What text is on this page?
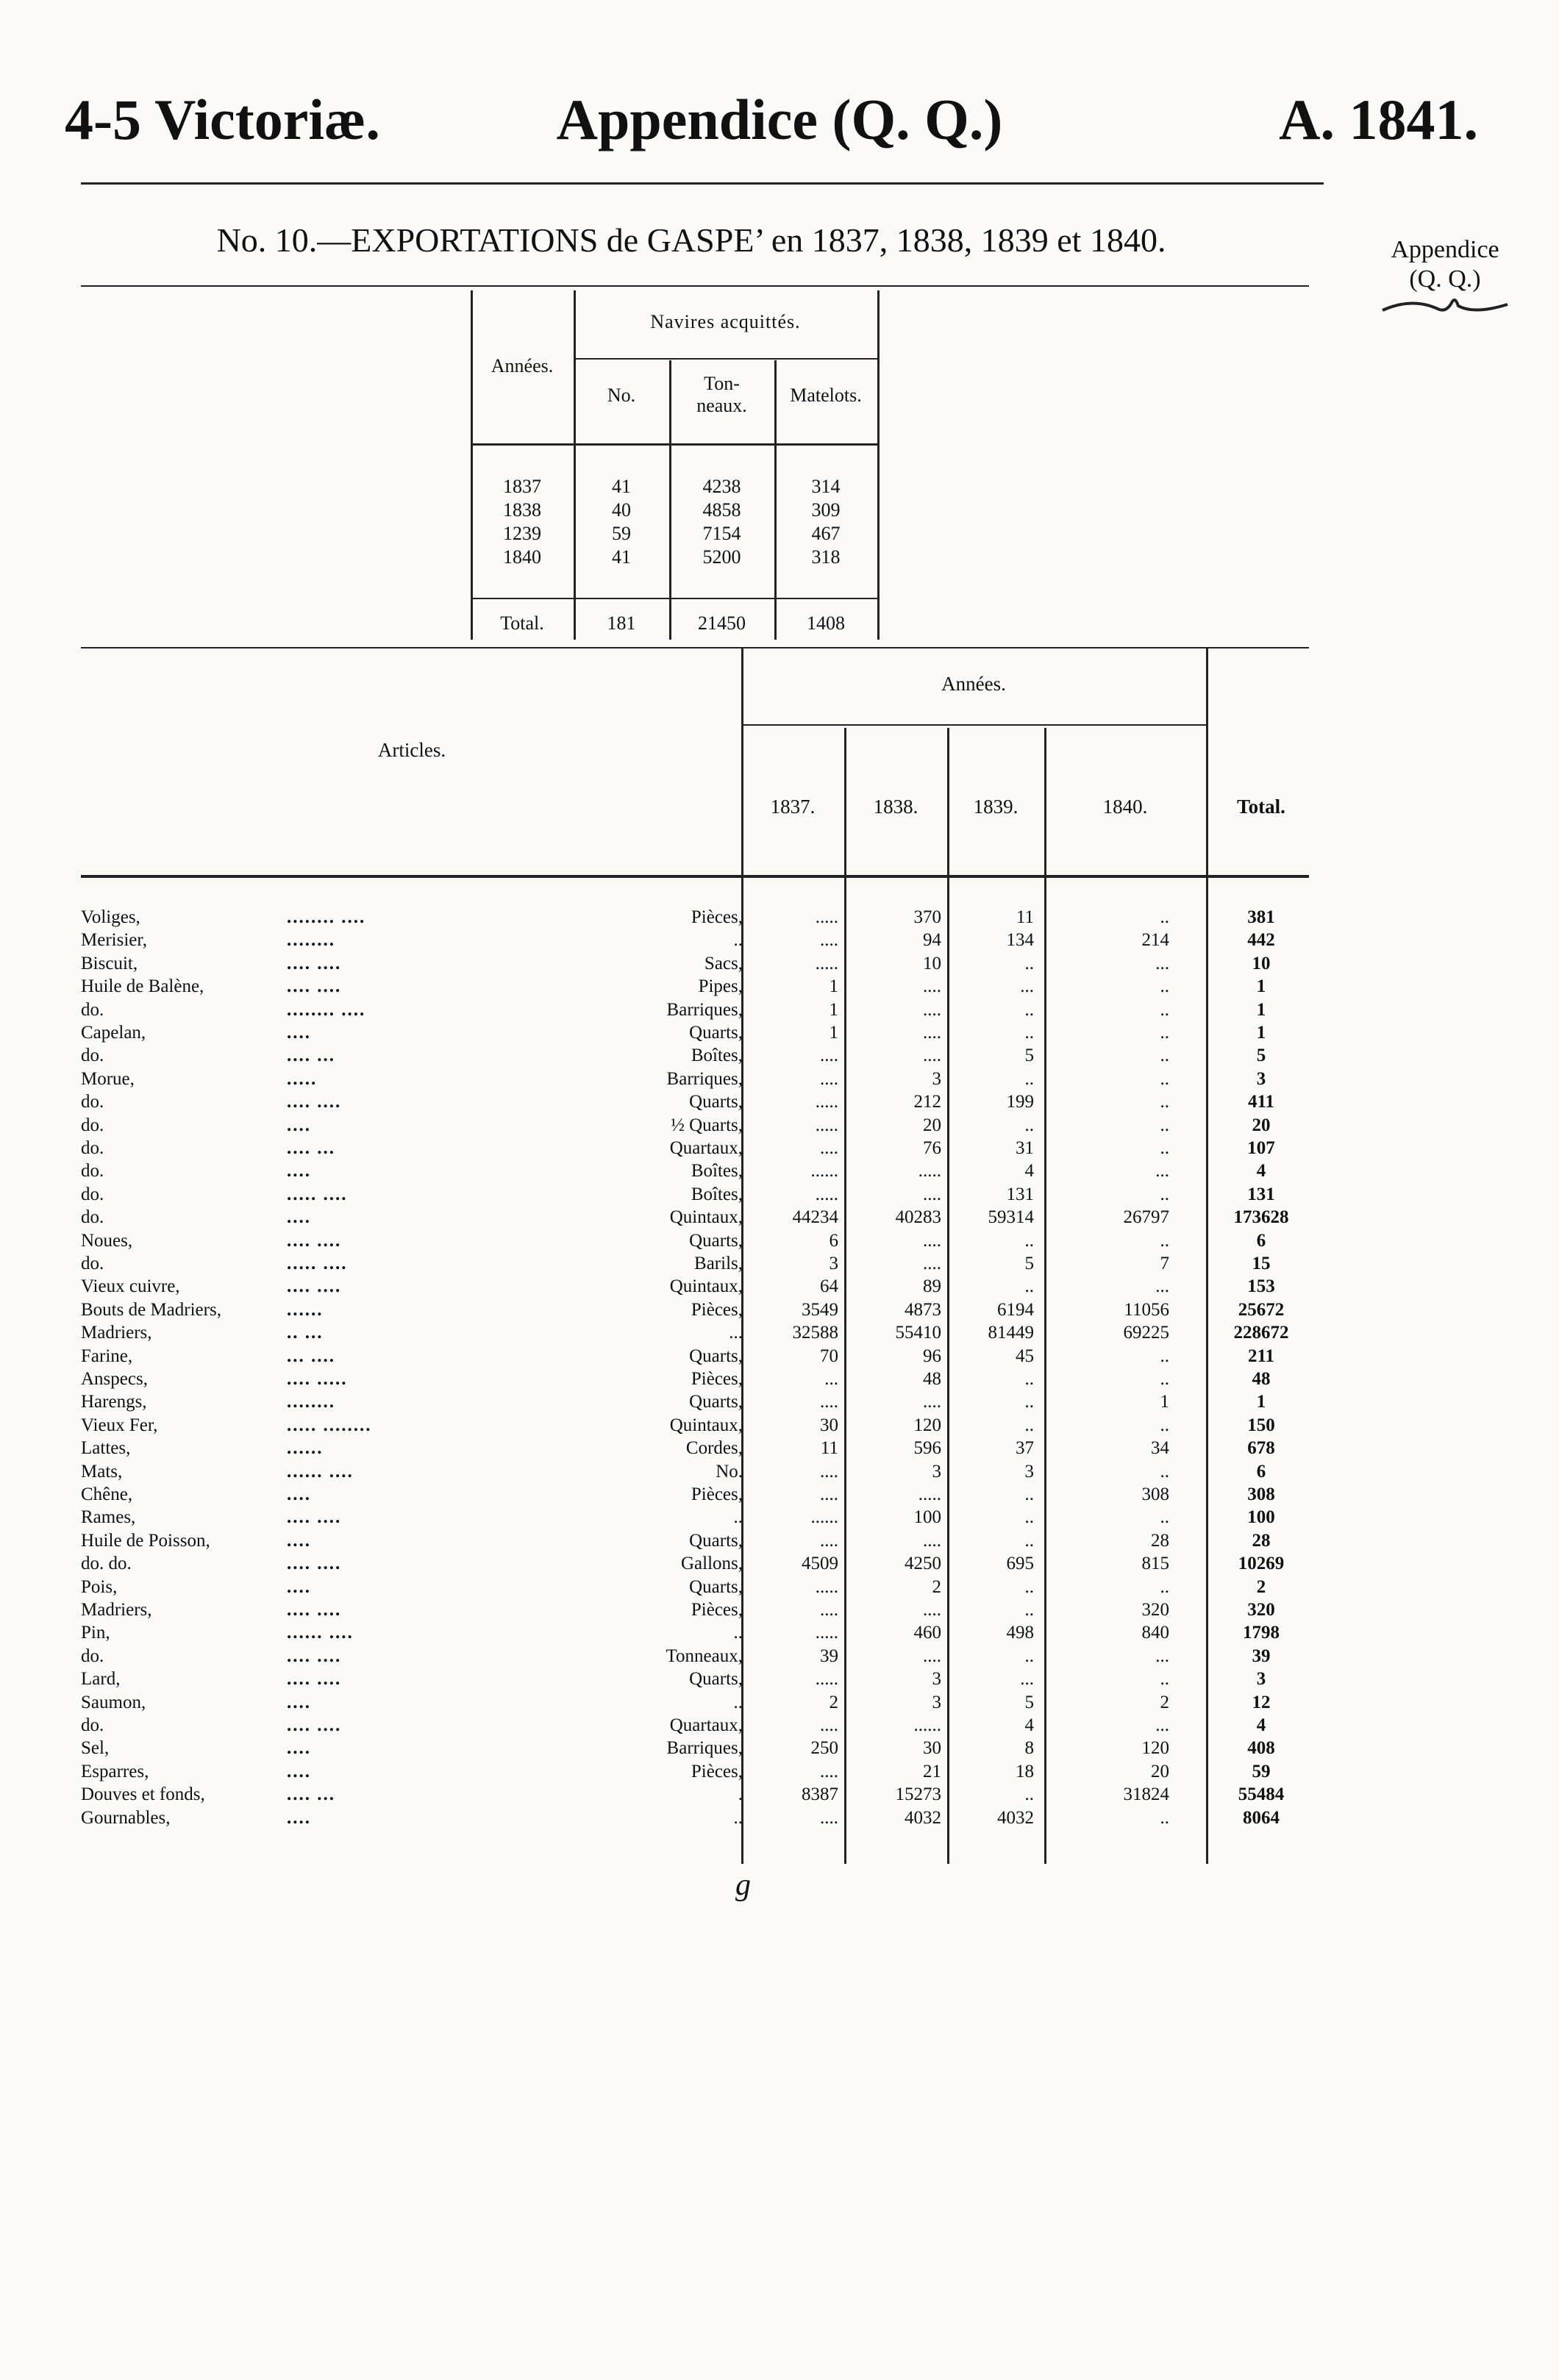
4-5 Victoriæ.	Appendice (Q. Q.)	A. 1841.
No. 10.—EXPORTATIONS de GASPE’ en 1837, 1838, 1839 et 1840.	Appendice
(Q. Q.)
Années.
Navires acquittés.
No.
Ton-
neaux.	Matelots.
1837	41	4238	314
1838	40	4858	309
1239	59	7154	467
1840	41	5200	318
Total.	181	21450	1408
Articles.
Années.
1837.	1838.	1839.	1840.	Total.
Voliges,	........ ....	Pièces,	.....	370	11	..	381
Merisier,	........	..	....	94	134	214	442
Biscuit,	.... ....	Sacs,	.....	10	..	...	10
Huile de Balène,	.... ....	Pipes,	1	....	...	..	1
do.	........ ....	Barriques,	1	....	..	..	1
Capelan,	....	Quarts,	1	....	..	..	1
do.	.... ...	Boîtes,	....	....	5	..	5
Morue,	.....	Barriques,	....	3	..	..	3
do.	.... ....	Quarts,	.....	212	199	..	411
do.	....	½ Quarts,	.....	20	..	..	20
do.	.... ...	Quartaux,	....	76	31	..	107
do.	....	Boîtes,	......	.....	4	...	4
do.	..... ....	Boîtes,	.....	....	131	..	131
do.	....	Quintaux,	44234	40283	59314	26797	173628
Noues,	.... ....	Quarts,	6	....	..	..	6
do.	..... ....	Barils,	3	....	5	7	15
Vieux cuivre,	.... ....	Quintaux,	64	89	..	...	153
Bouts de Madriers,	......	Pièces,	3549	4873	6194	11056	25672
Madriers,	.. ...	...	32588	55410	81449	69225	228672
Farine,	... ....	Quarts,	70	96	45	..	211
Anspecs,	.... .....	Pièces,	...	48	..	..	48
Harengs,	........	Quarts,	....	....	..	1	1
Vieux Fer,	..... ........	Quintaux,	30	120	..	..	150
Lattes,	......	Cordes,	11	596	37	34	678
Mats,	...... ....	No.	....	3	3	..	6
Chêne,	....	Pièces,	....	.....	..	308	308
Rames,	.... ....	..	......	100	..	..	100
Huile de Poisson,	....	Quarts,	....	....	..	28	28
do. do.	.... ....	Gallons,	4509	4250	695	815	10269
Pois,	....	Quarts,	.....	2	..	..	2
Madriers,	.... ....	Pièces,	....	....	..	320	320
Pin,	...... ....	..	.....	460	498	840	1798
do.	.... ....	Tonneaux,	39	....	..	...	39
Lard,	.... ....	Quarts,	.....	3	...	..	3
Saumon,	....	..	2	3	5	2	12
do.	.... ....	Quartaux,	....	......	4	...	4
Sel,	....	Barriques,	250	30	8	120	408
Esparres,	....	Pièces,	....	21	18	20	59
Douves et fonds,	.... ...	.	8387	15273	..	31824	55484
Gournables,	....	..	....	4032	4032	..	8064
g
